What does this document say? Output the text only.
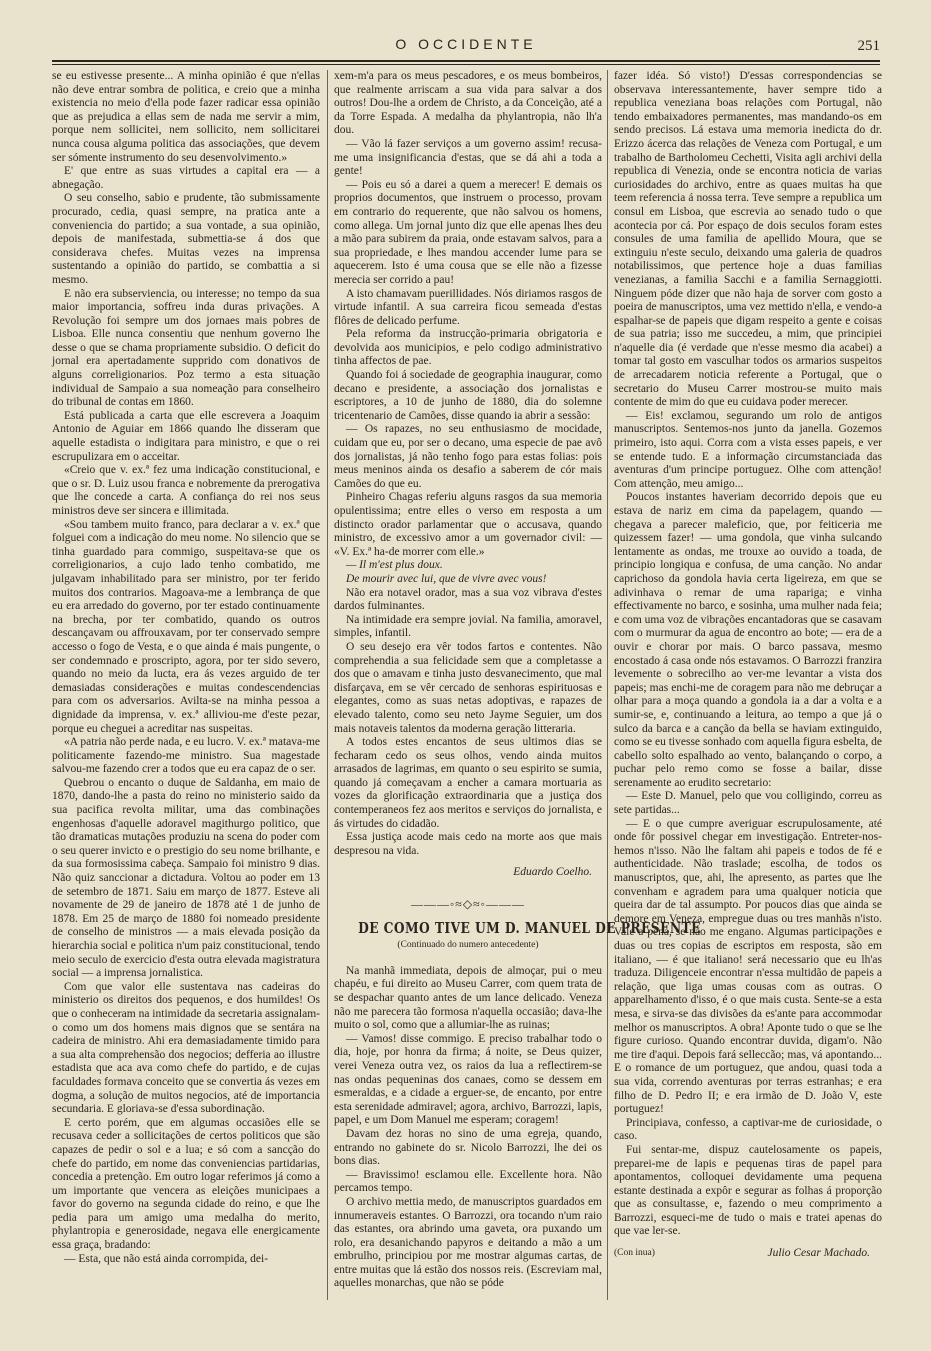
O OCCIDENTE	251

se eu estivesse presente... A minha opinião é que n'ellas não deve entrar sombra de politica, e creio que a minha existencia no meio d'ella pode fazer radicar essa opinião que as prejudica a ellas sem de nada me servir a mim, porque nem sollicitei, nem sollicito, nem sollicitarei nunca cousa alguma politica das associações, que devem ser sómente instrumento do seu desenvolvimento.»

E' que entre as suas virtudes a capital era — a abnegação.

O seu conselho, sabio e prudente, tão submissamente procurado, cedia, quasi sempre, na pratica ante a conveniencia do partido; a sua vontade, a sua opinião, depois de manifestada, submettia-se á dos que considerava chefes. Muitas vezes na imprensa sustentando a opinião do partido, se combattia a si mesmo.

E não era subserviencia, ou interesse; no tempo da sua maior importancia, soffreu inda duras privações. A Revolução foi sempre um dos jornaes mais pobres de Lisboa. Elle nunca consentiu que nenhum governo lhe desse o que se chama propriamente subsidio. O deficit do jornal era apertadamente supprido com donativos de alguns correligionarios. Poz termo a esta situação individual de Sampaio a sua nomeação para conselheiro do tribunal de contas em 1860.

Está publicada a carta que elle escrevera a Joaquim Antonio de Aguiar em 1866 quando lhe disseram que aquelle estadista o indigitara para ministro, e que o rei escrupulizara em o acceitar.

«Creio que v. ex.ª fez uma indicação constitucional, e que o sr. D. Luiz usou franca e nobremente da prerogativa que lhe concede a carta. A confiança do rei nos seus ministros deve ser sincera e illimitada.

«Sou tambem muito franco, para declarar a v. ex.ª que folguei com a indicação do meu nome. No silencio que se tinha guardado para commigo, suspeitava-se que os correligionarios, a cujo lado tenho combatido, me julgavam inhabilitado para ser ministro, por ter ferido muitos dos contrarios. Magoava-me a lembrança de que eu era arredado do governo, por ter estado continuamente na brecha, por ter combatido, quando os outros descançavam ou affrouxavam, por ter conservado sempre accesso o fogo de Vesta, e o que ainda é mais pungente, o ser condemnado e proscripto, agora, por ter sido severo, quando no meio da lucta, era ás vezes arguido de ter demasiadas considerações e muitas condescendencias para com os adversarios. Avilta-se na minha pessoa a dignidade da imprensa, v. ex.ª alliviou-me d'este pezar, porque eu cheguei a acreditar nas suspeitas.

«A patria não perde nada, e eu lucro. V. ex.ª matava-me politicamente fazendo-me ministro. Sua magestade salvou-me fazendo crer a todos que eu era capaz de o ser.

Quebrou o encanto o duque de Saldanha, em maio de 1870, dando-lhe a pasta do reino no ministerio saido da sua pacifica revolta militar, uma das combinações engenhosas d'aquelle adoravel magithurgo politico, que tão dramaticas mutações produziu na scena do poder com o seu querer invicto e o prestigio do seu nome brilhante, e da sua formosissima cabeça. Sampaio foi ministro 9 dias. Não quiz sanccionar a dictadura. Voltou ao poder em 13 de setembro de 1871. Saiu em março de 1877. Esteve ali novamente de 29 de janeiro de 1878 até 1 de junho de 1878. Em 25 de março de 1880 foi nomeado presidente de conselho de ministros — a mais elevada posição da hierarchia social e politica n'um paiz constitucional, tendo meio seculo de exercicio d'esta outra elevada magistratura social — a imprensa jornalistica.

Com que valor elle sustentava nas cadeiras do ministerio os direitos dos pequenos, e dos humildes! Os que o conheceram na intimidade da secretaria assignalam-o como um dos homens mais dignos que se sentára na cadeira de ministro. Ahi era demasiadamente timido para a sua alta comprehensão dos negocios; defferia ao illustre estadista que aca ava como chefe do partido, e de cujas faculdades formava conceito que se convertia ás vezes em dogma, a solução de muitos negocios, até de importancia secundaria. E gloriava-se d'essa subordinação.

E certo porém, que em algumas occasiões elle se recusava ceder a sollicitações de certos politicos que são capazes de pedir o sol e a lua; e só com a sancção do chefe do partido, em nome das conveniencias partidarias, concedia a pretenção. Em outro logar referimos já como a um importante que vencera as eleições municipaes a favor do governo na segunda cidade do reino, e que lhe pedia para um amigo uma medalha do merito, phylantropia e generosidade, negava elle energicamente essa graça, bradando:

— Esta, que não está ainda corrompida, dei-

xem-m'a para os meus pescadores, e os meus bombeiros, que realmente arriscam a sua vida para salvar a dos outros! Dou-lhe a ordem de Christo, a da Conceição, até a da Torre Espada. A medalha da phylantropia, não lh'a dou.

— Vão lá fazer serviços a um governo assim! recusa-me uma insignificancia d'estas, que se dá ahi a toda a gente!

— Pois eu só a darei a quem a merecer! E demais os proprios documentos, que instruem o processo, provam em contrario do requerente, que não salvou os homens, como allega. Um jornal junto diz que elle apenas lhes deu a mão para subirem da praia, onde estavam salvos, para a sua propriedade, e lhes mandou accender lume para se aquecerem. Isto é uma cousa que se elle não a fizesse merecia ser corrido a pau!

A isto chamavam puerillidades. Nós diriamos rasgos de virtude infantil. A sua carreira ficou semeada d'estas flôres de delicado perfume.

Pela reforma da instrucção-primaria obrigatoria e devolvida aos municipios, e pelo codigo administrativo tinha affectos de pae.

Quando foi á sociedade de geographia inaugurar, como decano e presidente, a associação dos jornalistas e escriptores, a 10 de junho de 1880, dia do solemne tricentenario de Camões, disse quando ia abrir a sessão:

— Os rapazes, no seu enthusiasmo de mocidade, cuidam que eu, por ser o decano, uma especie de pae avô dos jornalistas, já não tenho fogo para estas folias: pois meus meninos ainda os desafio a saberem de cór mais Camões do que eu.

Pinheiro Chagas referiu alguns rasgos da sua memoria opulentissima; entre elles o verso em resposta a um distincto orador parlamentar que o accusava, quando ministro, de excessivo amor a um governador civil: — «V. Ex.ª ha-de morrer com elle.»

— Il m'est plus doux.

De mourir avec lui, que de vivre avec vous!

Não era notavel orador, mas a sua voz vibrava d'estes dardos fulminantes.

Na intimidade era sempre jovial. Na familia, amoravel, simples, infantil.

O seu desejo era vêr todos fartos e contentes. Não comprehendia a sua felicidade sem que a completasse a dos que o amavam e tinha justo desvanecimento, que mal disfarçava, em se vêr cercado de senhoras espirituosas e elegantes, como as suas netas adoptivas, e rapazes de elevado talento, como seu neto Jayme Seguier, um dos mais notaveis talentos da moderna geração litteraria.

A todos estes encantos de seus ultimos dias se fecharam cedo os seus olhos, vendo ainda muitos arrasados de lagrimas, em quanto o seu espirito se sumia, quando já começavam a encher a camara mortuaria as vozes da glorificação extraordinaria que a justiça dos contemperaneos fez aos meritos e serviços do jornalista, e ás virtudes do cidadão.

Essa justiça acode mais cedo na morte aos que mais despresou na vida.

Eduardo Coelho.
———◦≈◇≈◦———
DE COMO TIVE UM D. MANUEL DE PRESENTE
(Continuado do numero antecedente)

Na manhã immediata, depois de almoçar, pui o meu chapéu, e fui direito ao Museu Carrer, com quem trata de se despachar quanto antes de um lance delicado. Veneza não me parecera tão formosa n'aquella occasião; dava-lhe muito o sol, como que a allumiar-lhe as ruinas;

— Vamos! disse commigo. E preciso trabalhar todo o dia, hoje, por honra da firma; á noite, se Deus quizer, verei Veneza outra vez, os raios da lua a reflectirem-se nas ondas pequeninas dos canaes, como se dessem em esmeraldas, e a cidade a erguer-se, de encanto, por entre esta serenidade admiravel; agora, archivo, Barrozzi, lapis, papel, e um Dom Manuel me esperam; coragem!

Davam dez horas no sino de uma egreja, quando, entrando no gabinete do sr. Nicolo Barrozzi, lhe dei os bons dias.

— Bravissimo! esclamou elle. Excellente hora. Não percamos tempo.

O archivo mettia medo, de manuscriptos guardados em innumeraveis estantes. O Barrozzi, ora tocando n'um raio das estantes, ora abrindo uma gaveta, ora puxando um rolo, era desanichando papyros e deitando a mão a um embrulho, principiou por me mostrar algumas cartas, de entre muitas que lá estão dos nossos reis. (Escreviam mal, aquelles monarchas, que não se póde

fazer idéa. Só visto!) D'essas correspondencias se observava interessantemente, haver sempre tido a republica veneziana boas relações com Portugal, não tendo embaixadores permanentes, mas mandando-os em sendo precisos. Lá estava uma memoria inedicta do dr. Erizzo ácerca das relações de Veneza com Portugal, e um trabalho de Bartholomeu Cechetti, Visita agli archivi della republica di Venezia, onde se encontra noticia de varias curiosidades do archivo, entre as quaes muitas ha que teem referencia á nossa terra. Teve sempre a republica um consul em Lisboa, que escrevia ao senado tudo o que acontecia por cá. Por espaço de dois seculos foram estes consules de uma familia de apellido Moura, que se extinguiu n'este seculo, deixando uma galeria de quadros notabilissimos, que pertence hoje a duas familias venezianas, a familia Sacchi e a familia Sernaggiotti. Ninguem póde dizer que não haja de sorver com gosto a poeira de manuscriptos, uma vez mettido n'ella, e vendo-a espalhar-se de papeis que digam respeito a gente e coisas de sua patria; isso me succedeu, a mim, que principiei n'aquelle dia (é verdade que n'esse mesmo dia acabei) a tomar tal gosto em vasculhar todos os armarios suspeitos de arrecadarem noticia referente a Portugal, que o secretario do Museu Carrer mostrou-se muito mais contente de mim do que eu cuidava poder merecer.

— Eis! exclamou, segurando um rolo de antigos manuscriptos. Sentemos-nos junto da janella. Gozemos primeiro, isto aqui. Corra com a vista esses papeis, e ver se entende tudo. E a informação circumstanciada das aventuras d'um principe portuguez. Olhe com attenção! Com attenção, meu amigo...

Poucos instantes haveriam decorrido depois que eu estava de nariz em cima da papelagem, quando — chegava a parecer maleficio, que, por feiticeria me quizessem fazer! — uma gondola, que vinha sulcando lentamente as ondas, me trouxe ao ouvido a toada, de principio longiqua e confusa, de uma canção. No andar caprichoso da gondola havia certa ligeireza, em que se adivinhava o remar de uma rapariga; e vinha effectivamente no barco, e sosinha, uma mulher nada feia; e com uma voz de vibrações encantadoras que se casavam com o murmurar da agua de encontro ao bote; — era de a ouvir e chorar por mais. O barco passava, mesmo encostado á casa onde nós estavamos. O Barrozzi franzira levemente o sobrecilho ao ver-me levantar a vista dos papeis; mas enchi-me de coragem para não me debruçar a olhar para a moça quando a gondola ia a dar a volta e a sumir-se, e, continuando a leitura, ao tempo a que já o sulco da barca e a canção da bella se haviam extinguido, como se eu tivesse sonhado com aquella figura esbelta, de cabello solto espalhado ao vento, balançando o corpo, a puchar pelo remo como se fosse a bailar, disse serenamente ao erudito secretario:

— Este D. Manuel, pelo que vou colligindo, correu as sete partidas...

— E o que cumpre averiguar escrupulosamente, até onde fôr possivel chegar em investigação. Entreter-nos-hemos n'isso. Não lhe faltam ahi papeis e todos de fé e authenticidade. Não traslade; escolha, de todos os manuscriptos, que, ahi, lhe apresento, as partes que lhe convenham e agradem para uma qualquer noticia que queira dar de tal assumpto. Por poucos dias que ainda se demore em Veneza, empregue duas ou tres manhãs n'isto. Vale a pena, se não me engano. Algumas participações e duas ou tres copias de escriptos em resposta, são em italiano, — é que italiano! será necessario que eu lh'as traduza. Diligenceie encontrar n'essa multidão de papeis a relação, que liga umas cousas com as outras. O apparelhamento d'isso, é o que mais custa. Sente-se a esta mesa, e sirva-se das divisões da es'ante para accommodar melhor os manuscriptos. A obra! Aponte tudo o que se lhe figure curioso. Quando encontrar duvida, digam'o. Não me tire d'aqui. Depois fará selleccão; mas, vá apontando... E o romance de um portuguez, que andou, quasi toda a sua vida, correndo aventuras por terras estranhas; e era filho de D. Pedro II; e era irmão de D. João V, este portuguez!

Principiava, confesso, a captivar-me de curiosidade, o caso.

Fui sentar-me, dispuz cautelosamente os papeis, preparei-me de lapis e pequenas tiras de papel para apontamentos, colloquei devidamente uma pequena estante destinada a expôr e segurar as folhas á proporção que as consultasse, e, fazendo o meu comprimento a Barrozzi, esqueci-me de tudo o mais e tratei apenas do que vae ler-se.

(Con inua)	Julio Cesar Machado.
